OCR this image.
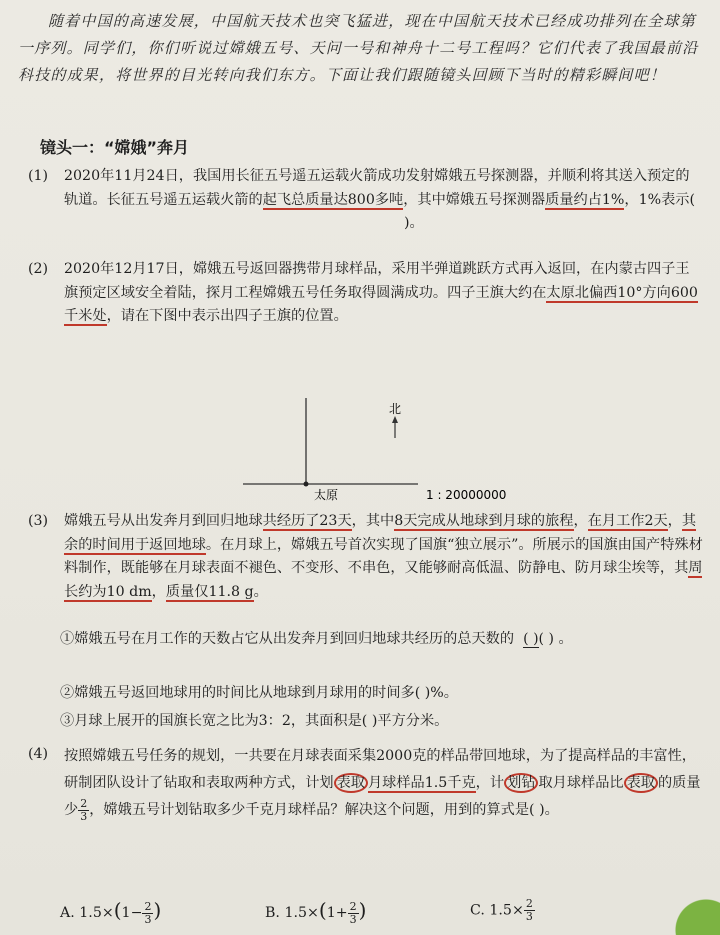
随着中国的高速发展，中国航天技术也突飞猛进，现在中国航天技术已经成功排列在全球第一序列。同学们，你们听说过嫦娥五号、天问一号和神舟十二号工程吗？它们代表了我国最前沿科技的成果，将世界的目光转向我们东方。下面让我们跟随镜头回顾下当时的精彩瞬间吧！

镜头一：“嫦娥”奔月
(1) 2020年11月24日，我国用长征五号遥五运载火箭成功发射嫦娥五号探测器，并顺利将其送入预定的轨道。长征五号遥五运载火箭的起飞总质量达800多吨，其中嫦娥五号探测器质量约占1%，1%表示()。
(2) 2020年12月17日，嫦娥五号返回器携带月球样品，采用半弹道跳跃方式再入返回，在内蒙古四子王旗预定区域安全着陆，探月工程嫦娥五号任务取得圆满成功。四子王旗大约在太原北偏西10°方向600千米处，请在下图中表示出四子王旗的位置。
北
太原	1 : 20000000
(3) 嫦娥五号从出发奔月到回归地球共经历了23天，其中8天完成从地球到月球的旅程，在月工作2天，其余的时间用于返回地球。在月球上，嫦娥五号首次实现了国旗“独立展示”。所展示的国旗由国产特殊材料制作，既能够在月球表面不褪色、不变形、不串色，又能够耐高低温、防静电、防月球尘埃等，其周长约为10 dm，质量仅11.8 g。
①嫦娥五号在月工作的天数占它从出发奔月到回归地球共经历的总天数的 ( )( ) 。
②嫦娥五号返回地球用的时间比从地球到月球用的时间多( )%。
③月球上展开的国旗长宽之比为3：2，其面积是( )平方分米。
(4) 按照嫦娥五号任务的规划，一共要在月球表面采集2000克的样品带回地球，为了提高样品的丰富性，研制团队设计了钻取和表取两种方式，计划 表取 月球样品1.5千克，计 划钻 取月球样品比 表取 的质量少 $\frac{2}{3}$ ，嫦娥五号计划钻取多少千克月球样品？解决这个问题，用到的算式是( )。
A. $1.5\times(1- \frac{2}{3}$ )	B. $1.5\times(1+ \frac{2}{3}$ )	C. $1.5\times \frac{2}{3}$
